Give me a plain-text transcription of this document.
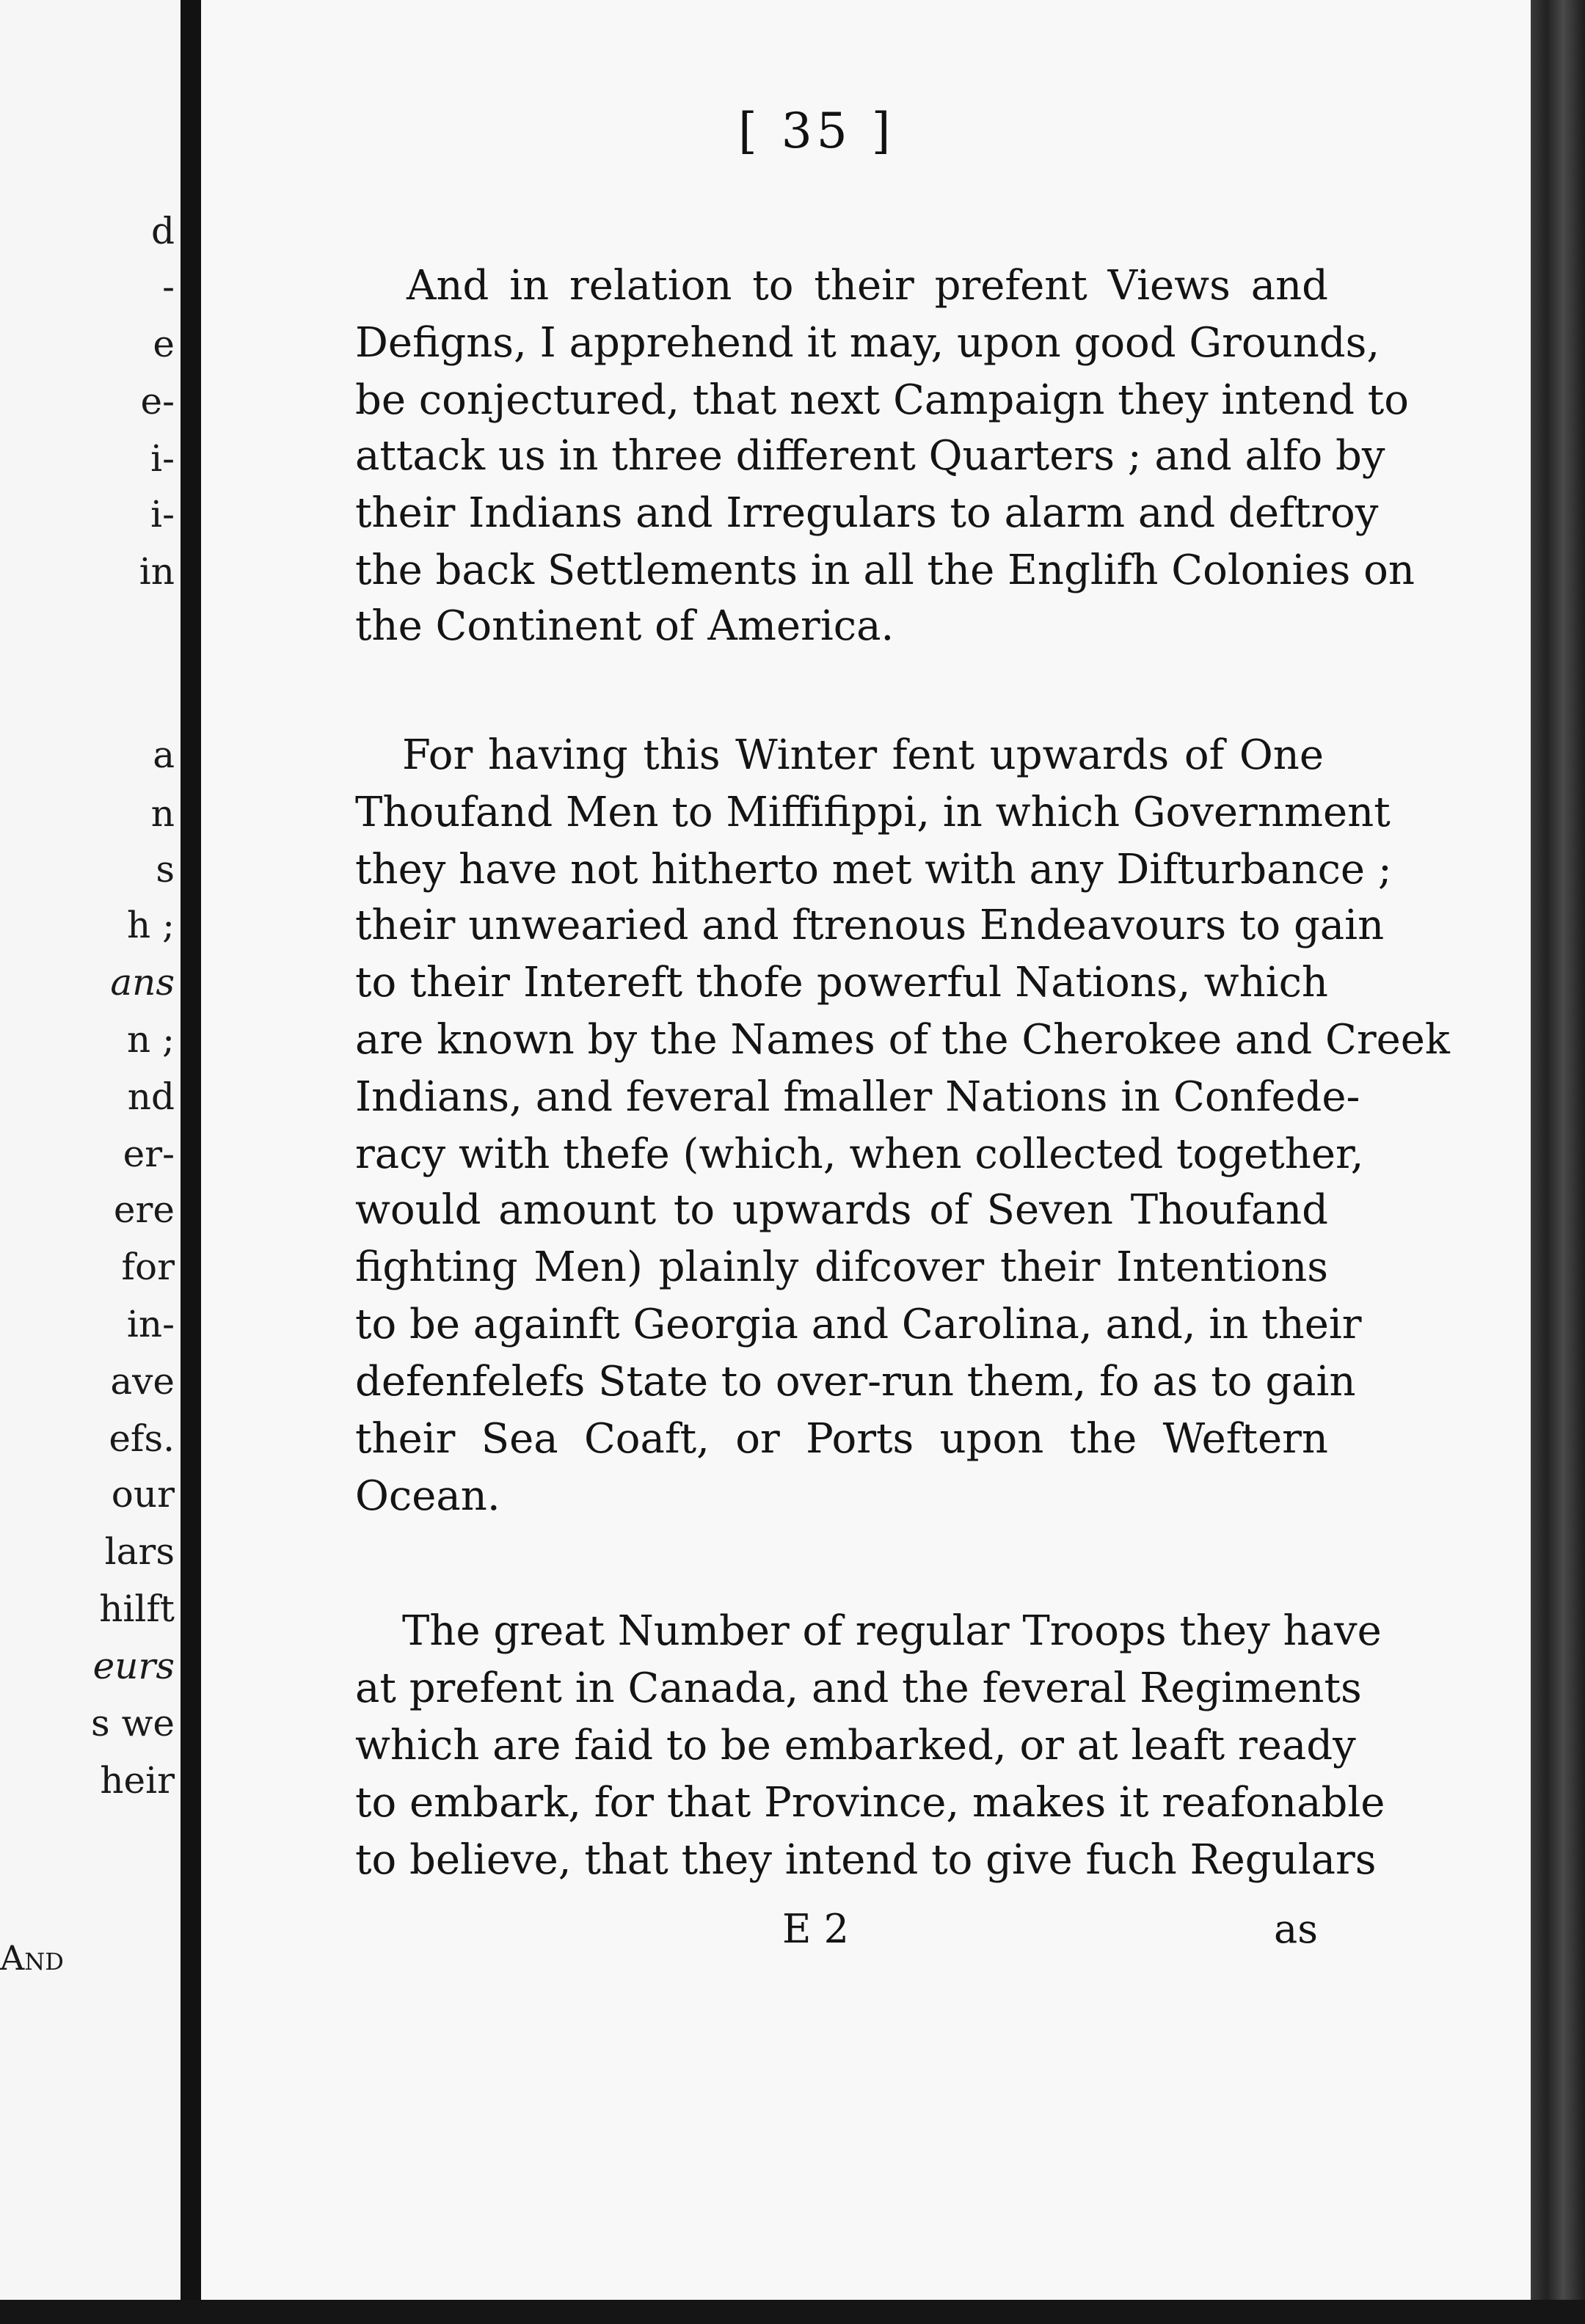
d
-
e
e-
i-
i-
in
a
n
s
h ;
ans
n ;
nd
er-
ere
for
in-
ave
efs.
our
lars
hilft
eurs
s we
heir
And
[ 35 ]
And in relation to their prefent Views and
Defigns, I apprehend it may, upon good Grounds,
be conjectured, that next Campaign they intend to
attack us in three different Quarters ; and alfo by
their Indians and Irregulars to alarm and deftroy
the back Settlements in all the Englifh Colonies on
the Continent of America.
For having this Winter fent upwards of One
Thoufand Men to Miffifippi, in which Government
they have not hitherto met with any Difturbance ;
their unwearied and ftrenous Endeavours to gain
to their Intereft thofe powerful Nations, which
are known by the Names of the Cherokee and Creek
Indians, and feveral fmaller Nations in Confede-
racy with thefe (which, when collected together,
would amount to upwards of Seven Thoufand
fighting Men) plainly difcover their Intentions
to be againft Georgia and Carolina, and, in their
defenfelefs State to over-run them, fo as to gain
their Sea Coaft, or Ports upon the Weftern
Ocean.
The great Number of regular Troops they have
at prefent in Canada, and the feveral Regiments
which are faid to be embarked, or at leaft ready
to embark, for that Province, makes it reafonable
to believe, that they intend to give fuch Regulars
E 2	as
